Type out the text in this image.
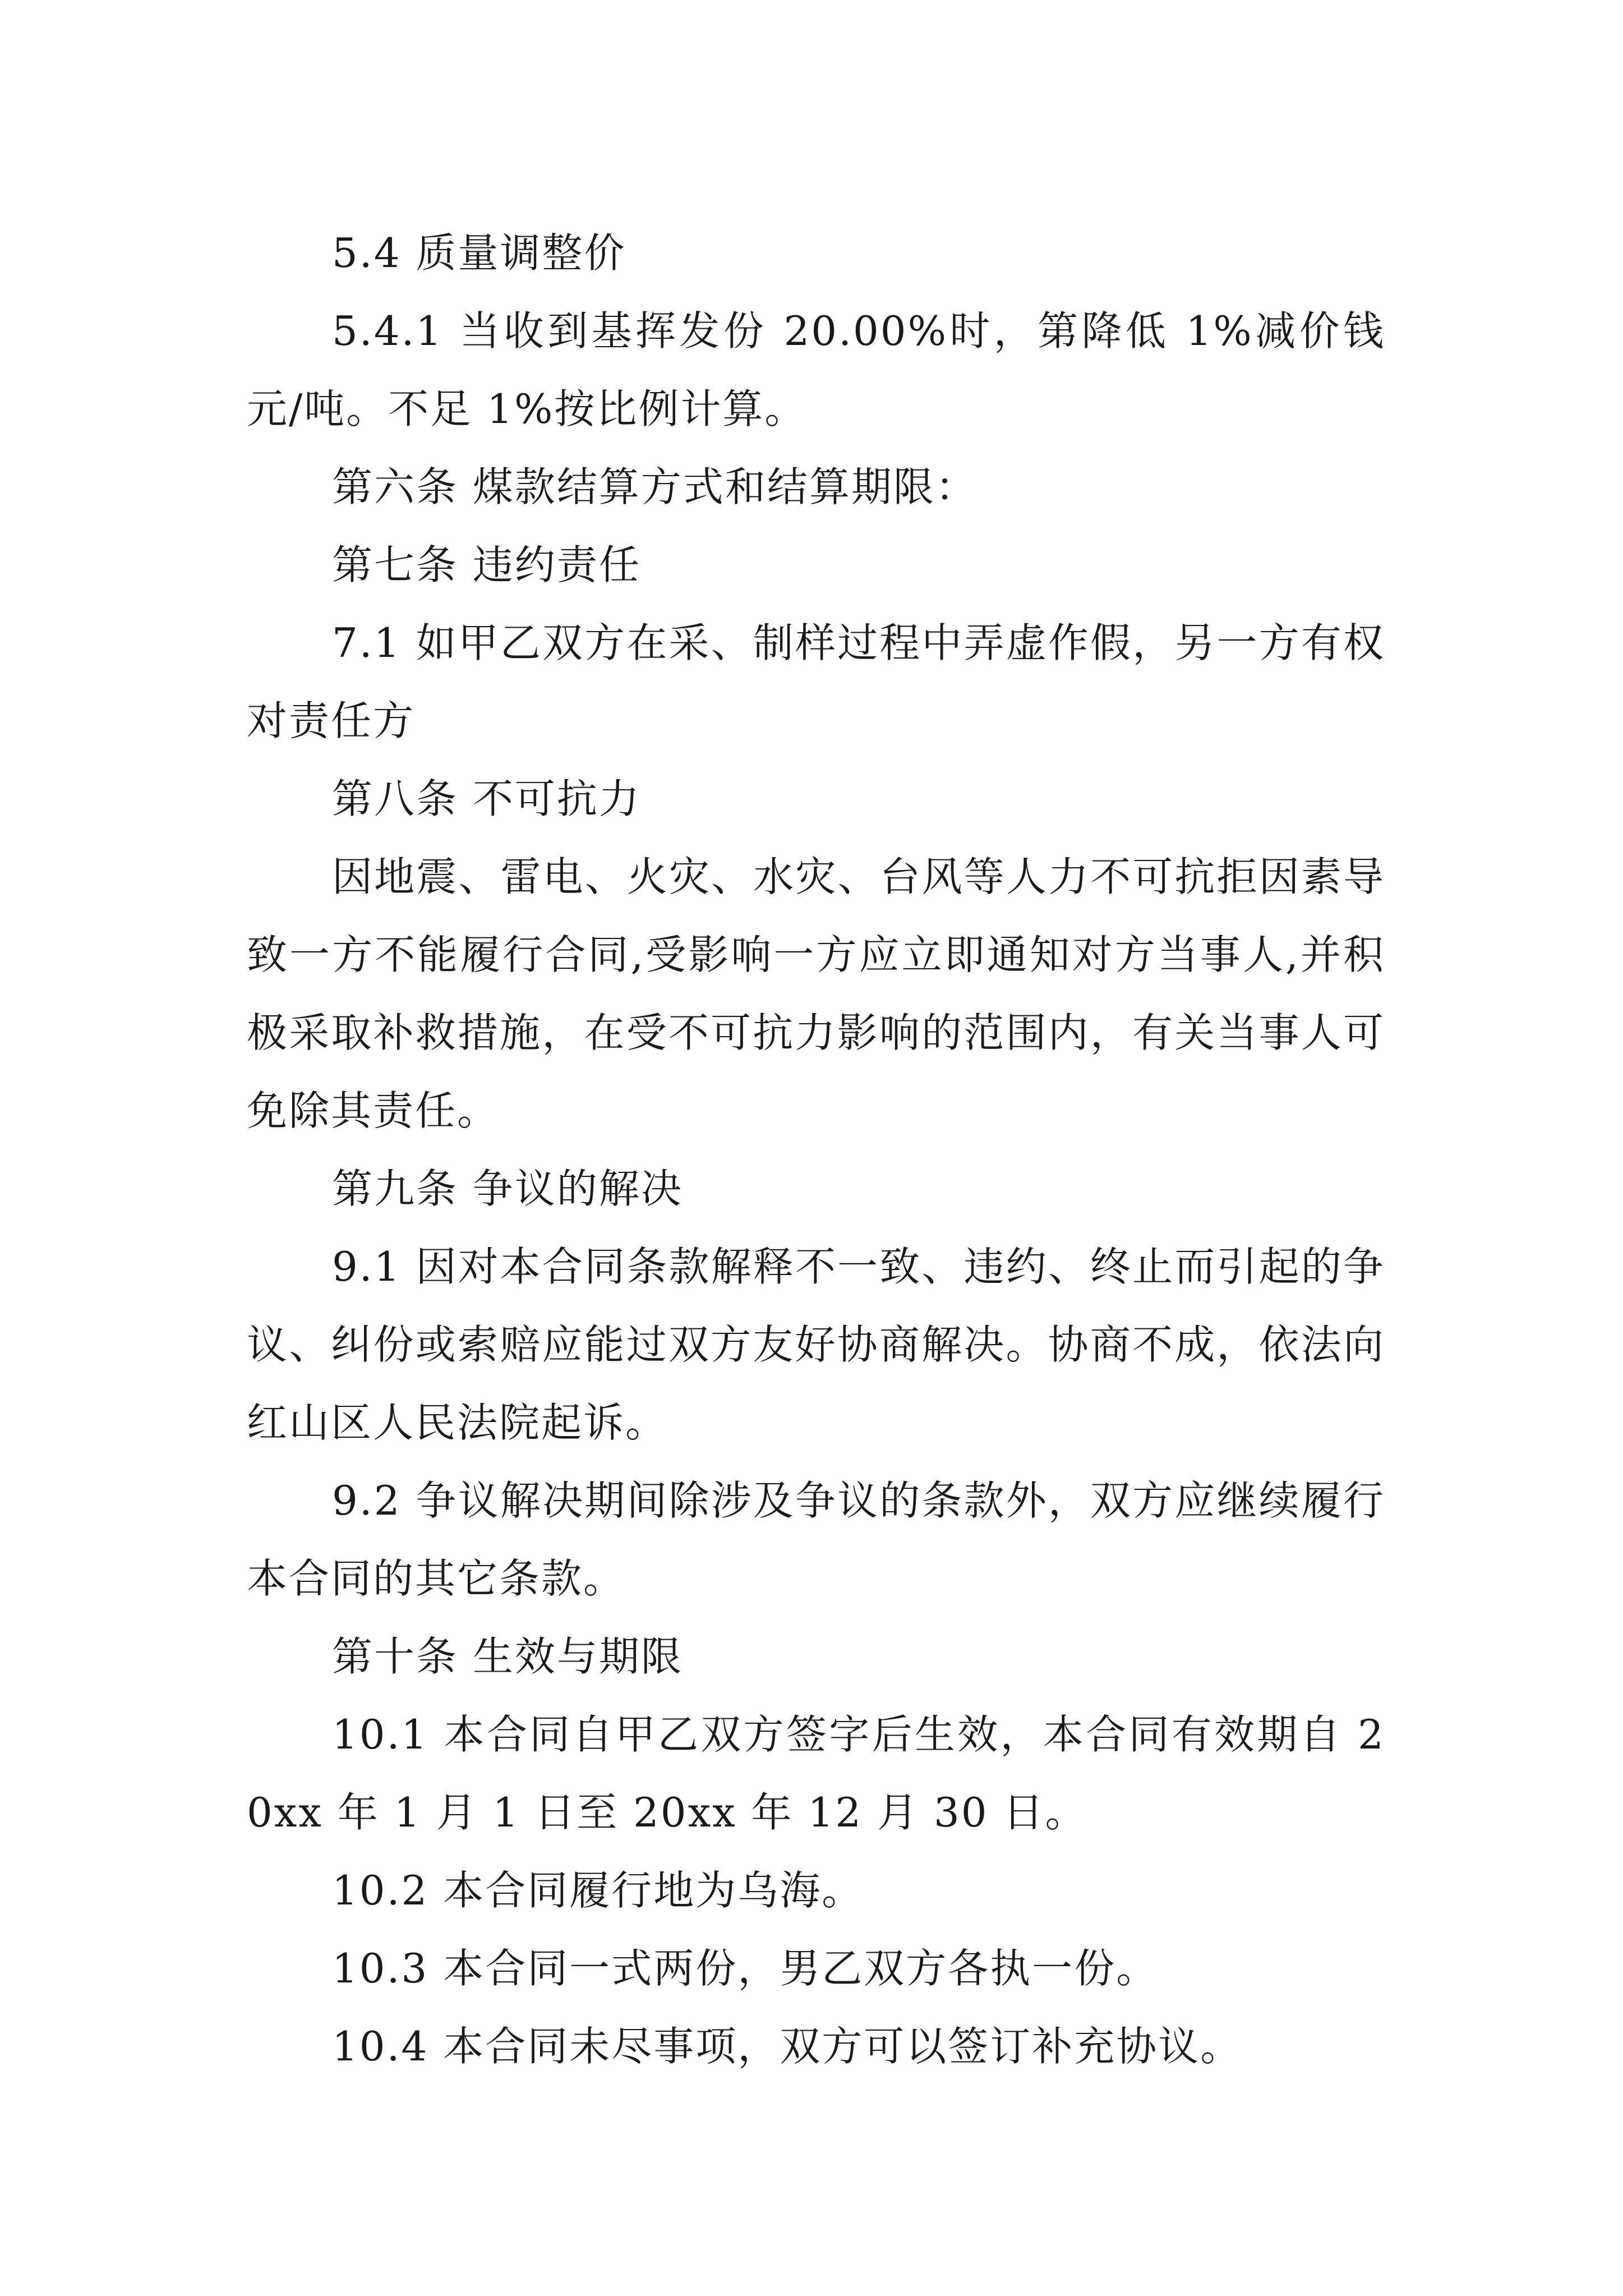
5.4 质量调整价

5.4.1 当收到基挥发份 20.00%时，第降低 1%减价钱元/吨。不足 1%按比例计算。

第六条 煤款结算方式和结算期限：

第七条 违约责任

7.1 如甲乙双方在采、制样过程中弄虚作假，另一方有权对责任方

第八条 不可抗力

因地震、雷电、火灾、水灾、台风等人力不可抗拒因素导致一方不能履行合同,受影响一方应立即通知对方当事人,并积极采取补救措施，在受不可抗力影响的范围内，有关当事人可免除其责任。

第九条 争议的解决

9.1 因对本合同条款解释不一致、违约、终止而引起的争议、纠份或索赔应能过双方友好协商解决。协商不成，依法向红山区人民法院起诉。

9.2 争议解决期间除涉及争议的条款外，双方应继续履行本合同的其它条款。

第十条 生效与期限

10.1 本合同自甲乙双方签字后生效，本合同有效期自 20xx 年 1 月 1 日至 20xx 年 12 月 30 日。

10.2 本合同履行地为乌海。

10.3 本合同一式两份，男乙双方各执一份。

10.4 本合同未尽事项，双方可以签订补充协议。
